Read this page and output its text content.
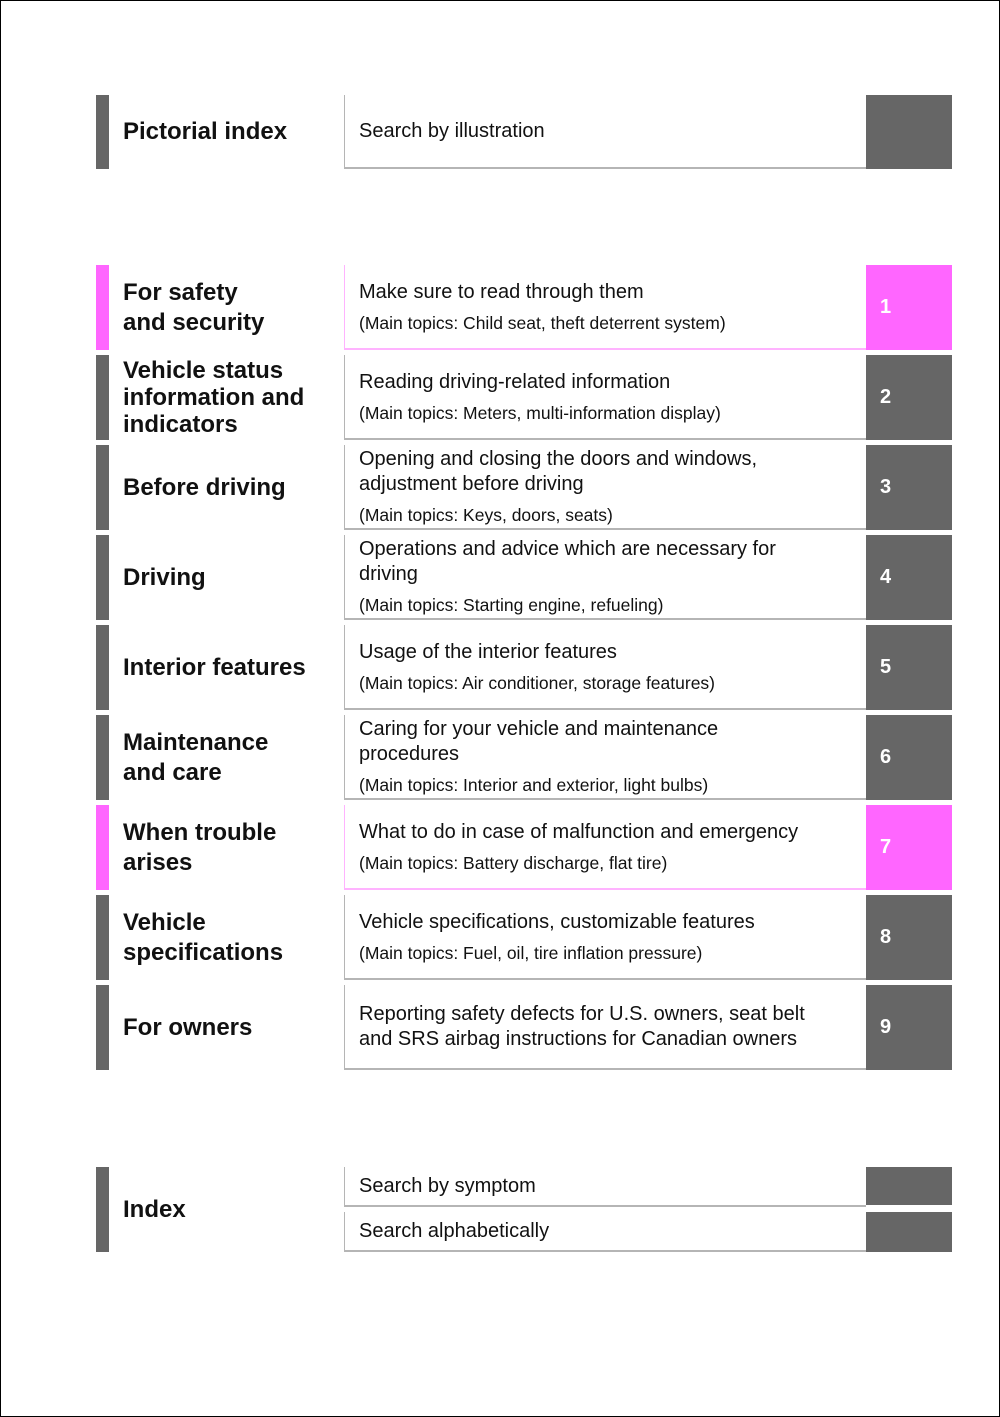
Pictorial index	Search by illustration
For safety
and security
Make sure to read through them
(Main topics: Child seat, theft deterrent system)
1
Vehicle status
information and
indicators
Reading driving-related information
(Main topics: Meters, multi-information display)
2
Before driving
Opening and closing the doors and windows,
adjustment before driving
(Main topics: Keys, doors, seats)
3
Driving
Operations and advice which are necessary for
driving
(Main topics: Starting engine, refueling)
4
Interior features
Usage of the interior features
(Main topics: Air conditioner, storage features)
5
Maintenance
and care
Caring for your vehicle and maintenance
procedures
(Main topics: Interior and exterior, light bulbs)
6
When trouble
arises
What to do in case of malfunction and emergency
(Main topics: Battery discharge, flat tire)
7
Vehicle
specifications
Vehicle specifications, customizable features
(Main topics: Fuel, oil, tire inflation pressure)
8
For owners	Reporting safety defects for U.S. owners, seat belt
and SRS airbag instructions for Canadian owners
9
Index
Search by symptom
Search alphabetically
